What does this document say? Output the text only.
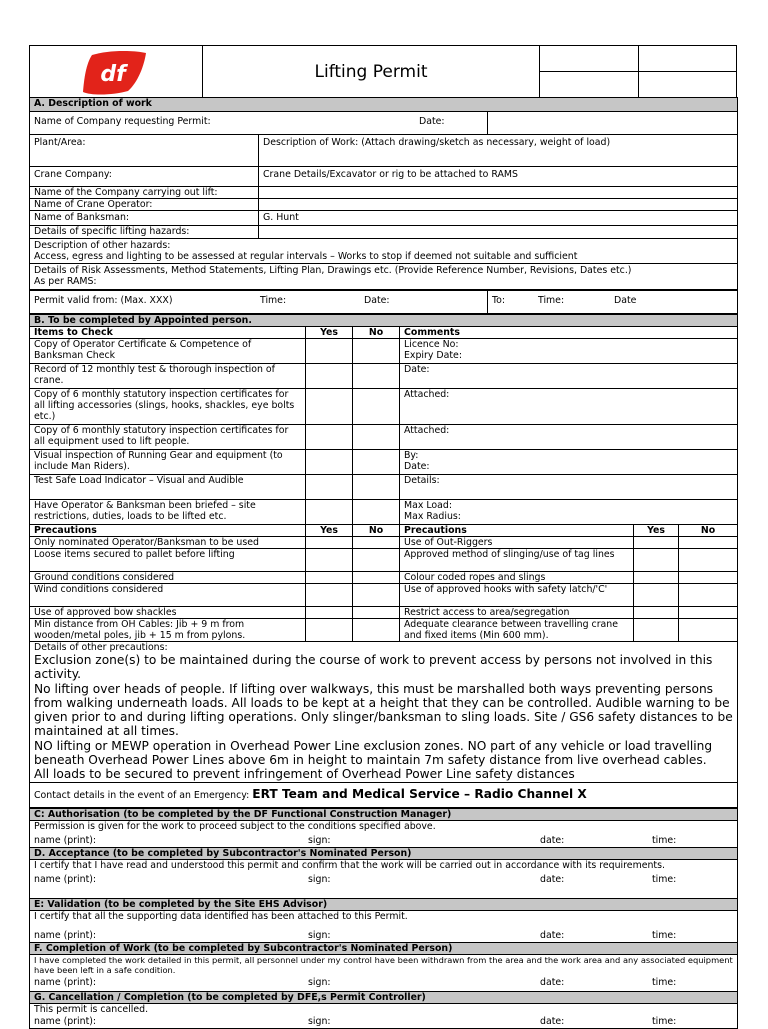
df	Lifting Permit
A. Description of work		
Name of Company requesting Permit: Date:		

Plant/Area:	Description of Work: (Attach drawing/sketch as necessary, weight of load)	
Crane Company:	Crane Details/Excavator or rig to be attached to RAMS	
Name of the Company carrying out lift:		
Name of Crane Operator:		
Name of Banksman:	G. Hunt	
Details of specific lifting hazards:		

Description of other hazards:
Access, egress and lighting to be assessed at regular intervals – Works to stop if deemed not suitable and sufficient		

Details of Risk Assessments, Method Statements, Lifting Plan, Drawings etc. (Provide Reference Number, Revisions, Dates etc.)
As per RAMS:		
Permit valid from: (Max. XXX)	Time:	Date:	To:	Time:	Date
B. To be completed by Appointed person.					
Items to Check	Yes	No	Comments		
Copy of Operator Certificate & Competence of Banksman Check			Licence No:
Expiry Date:		
Record of 12 monthly test & thorough inspection of crane.			Date:		
Copy of 6 monthly statutory inspection certificates for all lifting accessories (slings, hooks, shackles, eye bolts etc.)			Attached:		
Copy of 6 monthly statutory inspection certificates for all equipment used to lift people.			Attached:		
Visual inspection of Running Gear and equipment (to include Man Riders).			By:
Date:		
Test Safe Load Indicator – Visual and Audible			Details:		
Have Operator & Banksman been briefed – site restrictions, duties, loads to be lifted etc.			Max Load:
Max Radius:		
Precautions	Yes	No	Precautions	Yes	No
Only nominated Operator/Banksman to be used			Use of Out-Riggers		
Loose items secured to pallet before lifting			Approved method of slinging/use of tag lines		
Ground conditions considered			Colour coded ropes and slings		
Wind conditions considered			Use of approved hooks with safety latch/'C'		
Use of approved bow shackles			Restrict access to area/segregation		
Min distance from OH Cables: Jib + 9 m from wooden/metal poles, jib + 15 m from pylons.			Adequate clearance between travelling crane and fixed items (Min 600 mm).		

Details of other precautions:
Exclusion zone(s) to be maintained during the course of work to prevent access by persons not involved in this activity.
No lifting over heads of people. If lifting over walkways, this must be marshalled both ways preventing persons from walking underneath loads. All loads to be kept at a height that they can be controlled. Audible warning to be given prior to and during lifting operations. Only slinger/banksman to sling loads. Site / GS6 safety distances to be maintained at all times.
NO lifting or MEWP operation in Overhead Power Line exclusion zones. NO part of any vehicle or load travelling beneath Overhead Power Lines above 6m in height to maintain 7m safety distance from live overhead cables.
All loads to be secured to prevent infringement of Overhead Power Line safety distances					

Contact details in the event of an Emergency: ERT Team and Medical Service – Radio Channel X					
C: Authorisation (to be completed by the DF Functional Construction Manager)

Permission is given for the work to proceed subject to the conditions specified above.
name (print):	sign:	date:	time:

D. Acceptance (to be completed by Subcontractor's Nominated Person)

I certify that I have read and understood this permit and confirm that the work will be carried out in accordance with its requirements.
name (print):	sign:	date:	time:

E: Validation (to be completed by the Site EHS Advisor)

I certify that all the supporting data identified has been attached to this Permit.
name (print):	sign:	date:	time:

F. Completion of Work (to be completed by Subcontractor's Nominated Person)

I have completed the work detailed in this permit, all personnel under my control have been withdrawn from the area and the work area and any associated equipment have been left in a safe condition.
name (print):	sign:	date:	time:

G. Cancellation / Completion (to be completed by DFE,s Permit Controller)

This permit is cancelled.
name (print):	sign:	date:	time:
